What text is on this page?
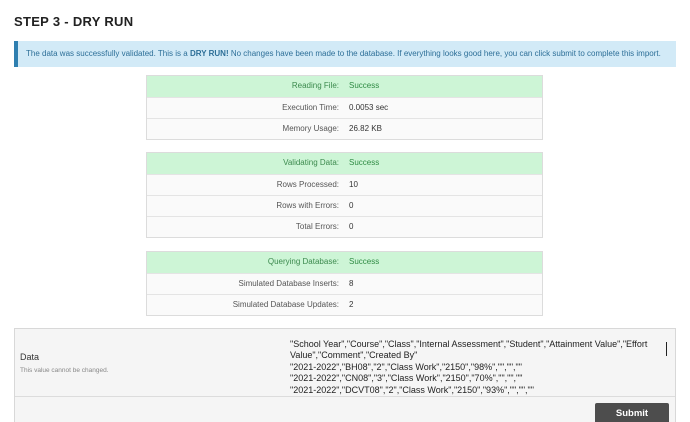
STEP 3 - DRY RUN
The data was successfully validated. This is a DRY RUN! No changes have been made to the database. If everything looks good here, you can click submit to complete this import.
Reading File:	Success
Execution Time:	0.0053 sec
Memory Usage:	26.82 KB
Validating Data:	Success
Rows Processed:	10
Rows with Errors:	0
Total Errors:	0
Querying Database:	Success
Simulated Database Inserts:	8
Simulated Database Updates:	2
Data
This value cannot be changed.
"School Year","Course","Class","Internal Assessment","Student","Attainment Value","Effort
Value","Comment","Created By"
"2021-2022","BH08","2","Class Work","2150","98%","","",""
"2021-2022","CN08","3","Class Work","2150","70%","","",""
"2021-2022","DCVT08","2","Class Work","2150","93%","","",""
Submit
